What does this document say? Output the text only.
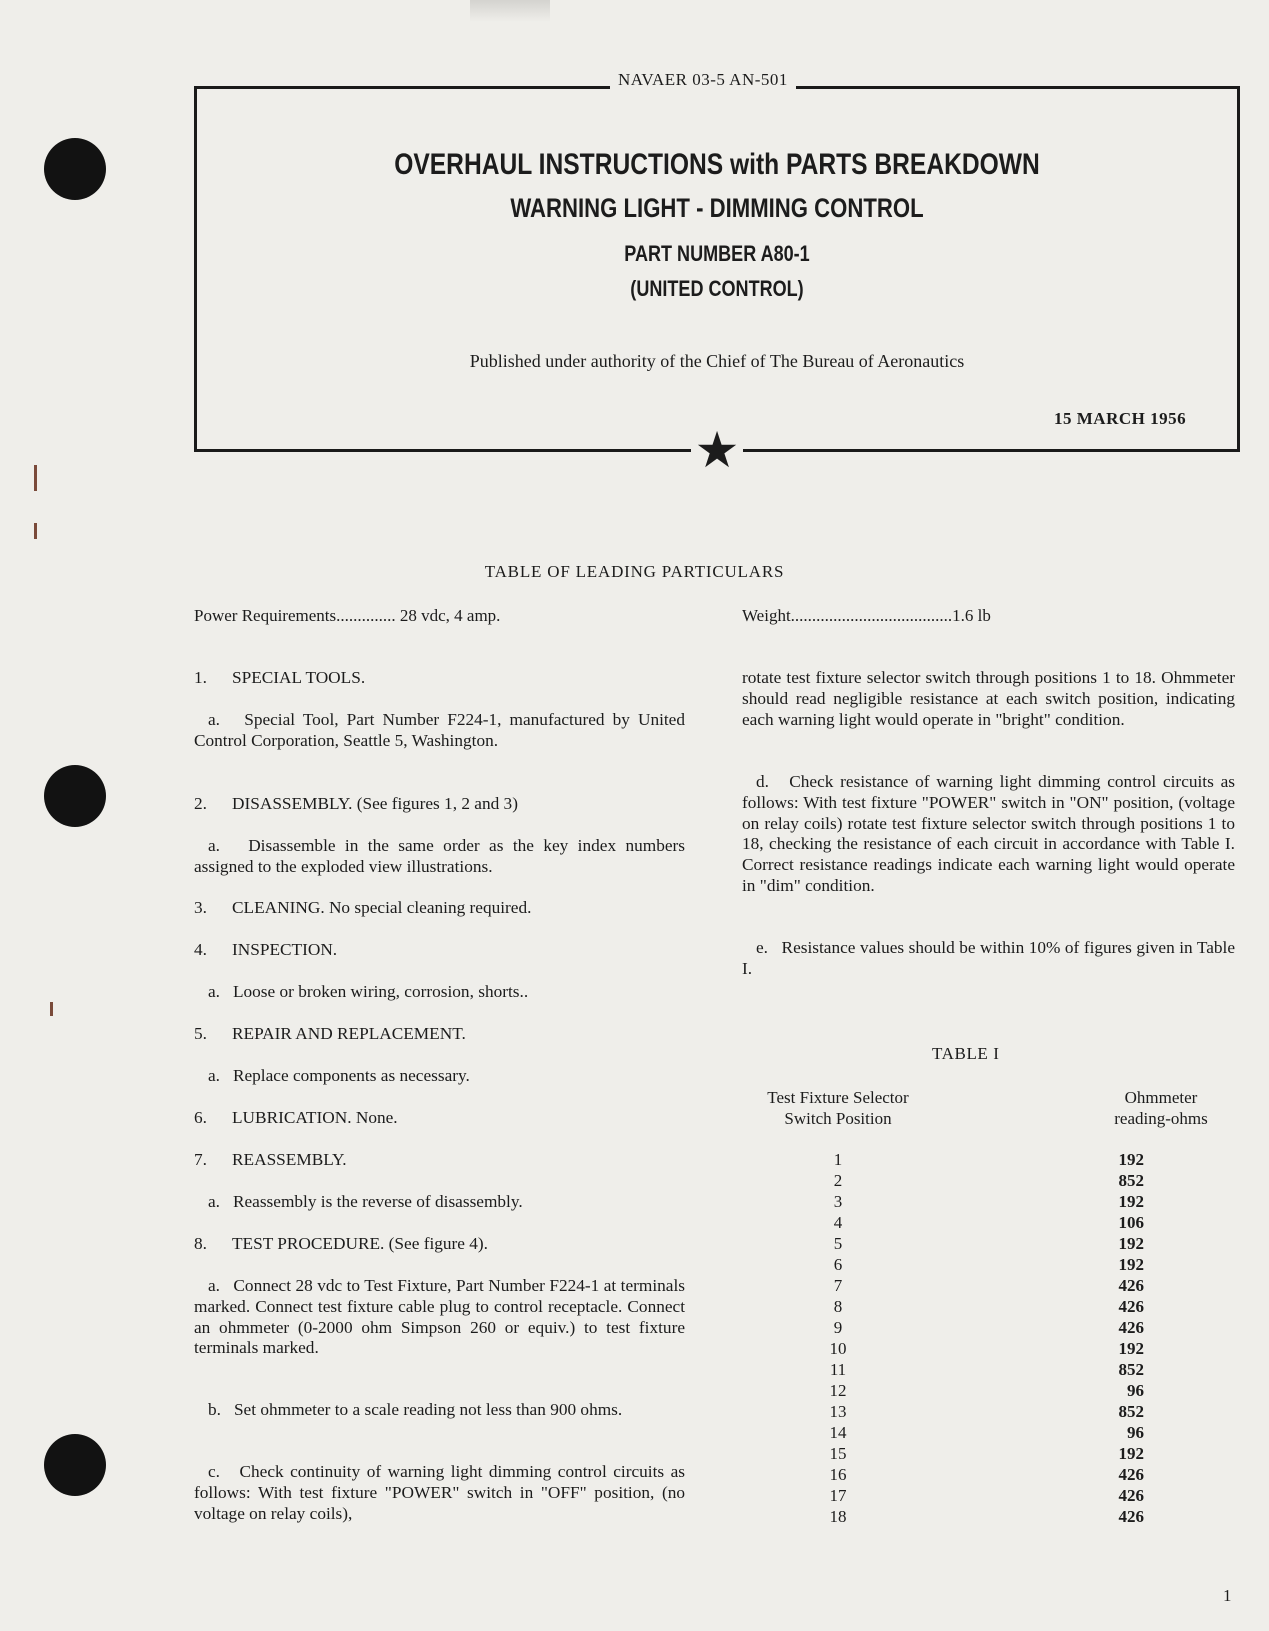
NAVAER 03-5 AN-501
★
OVERHAUL INSTRUCTIONS with PARTS BREAKDOWN
WARNING LIGHT - DIMMING CONTROL
PART NUMBER A80-1
(UNITED CONTROL)
Published under authority of the Chief of The Bureau of Aeronautics
15 MARCH 1956
TABLE OF LEADING PARTICULARS
Power Requirements.............. 28 vdc, 4 amp.	Weight......................................1.6 lb

1. SPECIAL TOOLS.

a. Special Tool, Part Number F224-1, manufactured by United Control Corporation, Seattle 5, Washington.

2. DISASSEMBLY. (See figures 1, 2 and 3)

a. Disassemble in the same order as the key index numbers assigned to the exploded view illustrations.

3. CLEANING. No special cleaning required.

4. INSPECTION.

a. Loose or broken wiring, corrosion, shorts..

5. REPAIR AND REPLACEMENT.

a. Replace components as necessary.

6. LUBRICATION. None.

7. REASSEMBLY.

a. Reassembly is the reverse of disassembly.

8. TEST PROCEDURE. (See figure 4).

a. Connect 28 vdc to Test Fixture, Part Number F224-1 at terminals marked. Connect test fixture cable plug to control receptacle. Connect an ohmmeter (0-2000 ohm Simpson 260 or equiv.) to test fixture terminals marked.

b. Set ohmmeter to a scale reading not less than 900 ohms.

c. Check continuity of warning light dimming control circuits as follows: With test fixture "POWER" switch in "OFF" position, (no voltage on relay coils),

rotate test fixture selector switch through positions 1 to 18. Ohmmeter should read negligible resistance at each switch position, indicating each warning light would operate in "bright" condition.

d. Check resistance of warning light dimming control circuits as follows: With test fixture "POWER" switch in "ON" position, (voltage on relay coils) rotate test fixture selector switch through positions 1 to 18, checking the resistance of each circuit in accordance with Table I. Correct resistance readings indicate each warning light would operate in "dim" condition.

e. Resistance values should be within 10% of figures given in Table I.

TABLE I
Test Fixture Selector
Switch Position
Ohmmeter
reading-ohms
1	192
2	852
3	192
4	106
5	192
6	192
7	426
8	426
9	426
10	192
11	852
12	96
13	852
14	96
15	192
16	426
17	426
18	426
1
